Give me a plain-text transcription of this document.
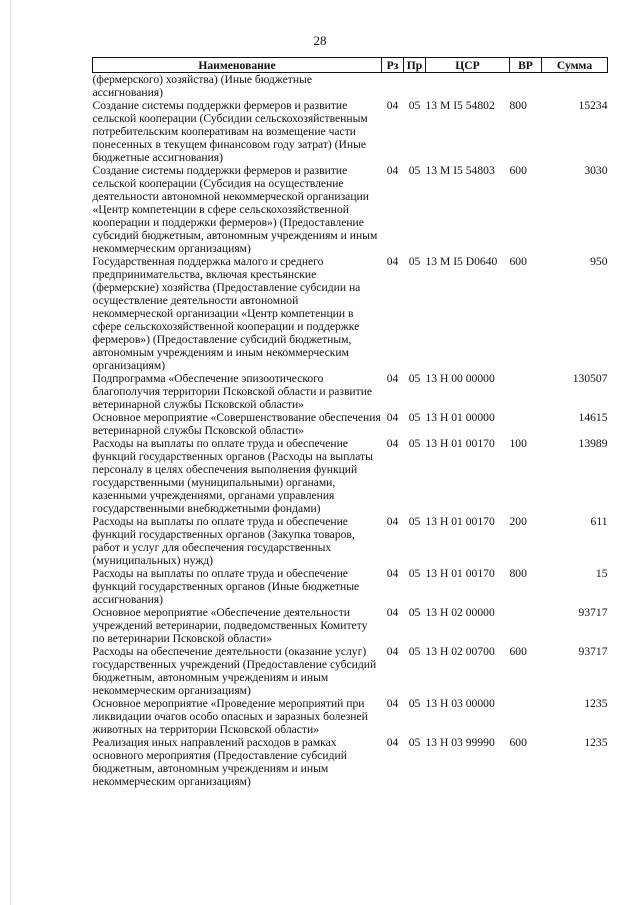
28
Наименование	Рз	Пр	ЦСР	ВР	Сумма
(фермерского) хозяйства) (Иные бюджетные ассигнования)					
Создание системы поддержки фермеров и развитие сельской кооперации (Субсидии сельскохозяйственным потребительским кооперативам на возмещение части понесенных в текущем финансовом году затрат) (Иные бюджетные ассигнования)	04	05	13 М I5 54802	800	15234
Создание системы поддержки фермеров и развитие сельской кооперации (Субсидия на осуществление деятельности автономной некоммерческой организации «Центр компетенции в сфере сельскохозяйственной кооперации и поддержки фермеров») (Предоставление субсидий бюджетным, автономным учреждениям и иным некоммерческим организациям)	04	05	13 М I5 54803	600	3030
Государственная поддержка малого и среднего предпринимательства, включая крестьянские (фермерские) хозяйства (Предоставление субсидии на осуществление деятельности автономной некоммерческой организации «Центр компетенции в сфере сельскохозяйственной кооперации и поддержке фермеров») (Предоставление субсидий бюджетным, автономным учреждениям и иным некоммерческим организациям)	04	05	13 М I5 D0640	600	950
Подпрограмма «Обеспечение эпизоотического благополучия территории Псковской области и развитие ветеринарной службы Псковской области»	04	05	13 Н 00 00000		130507
Основное мероприятие «Совершенствование обеспечения ветеринарной службы Псковской области»	04	05	13 Н 01 00000		14615
Расходы на выплаты по оплате труда и обеспечение функций государственных органов (Расходы на выплаты персоналу в целях обеспечения выполнения функций государственными (муниципальными) органами, казенными учреждениями, органами управления государственными внебюджетными фондами)	04	05	13 Н 01 00170	100	13989
Расходы на выплаты по оплате труда и обеспечение функций государственных органов (Закупка товаров, работ и услуг для обеспечения государственных (муниципальных) нужд)	04	05	13 Н 01 00170	200	611
Расходы на выплаты по оплате труда и обеспечение функций государственных органов (Иные бюджетные ассигнования)	04	05	13 Н 01 00170	800	15
Основное мероприятие «Обеспечение деятельности учреждений ветеринарии, подведомственных Комитету по ветеринарии Псковской области»	04	05	13 Н 02 00000		93717
Расходы на обеспечение деятельности (оказание услуг) государственных учреждений (Предоставление субсидий бюджетным, автономным учреждениям и иным некоммерческим организациям)	04	05	13 Н 02 00700	600	93717
Основное мероприятие «Проведение мероприятий при ликвидации очагов особо опасных и заразных болезней животных на территории Псковской области»	04	05	13 Н 03 00000		1235
Реализация иных направлений расходов в рамках основного мероприятия (Предоставление субсидий бюджетным, автономным учреждениям и иным некоммерческим организациям)	04	05	13 Н 03 99990	600	1235
